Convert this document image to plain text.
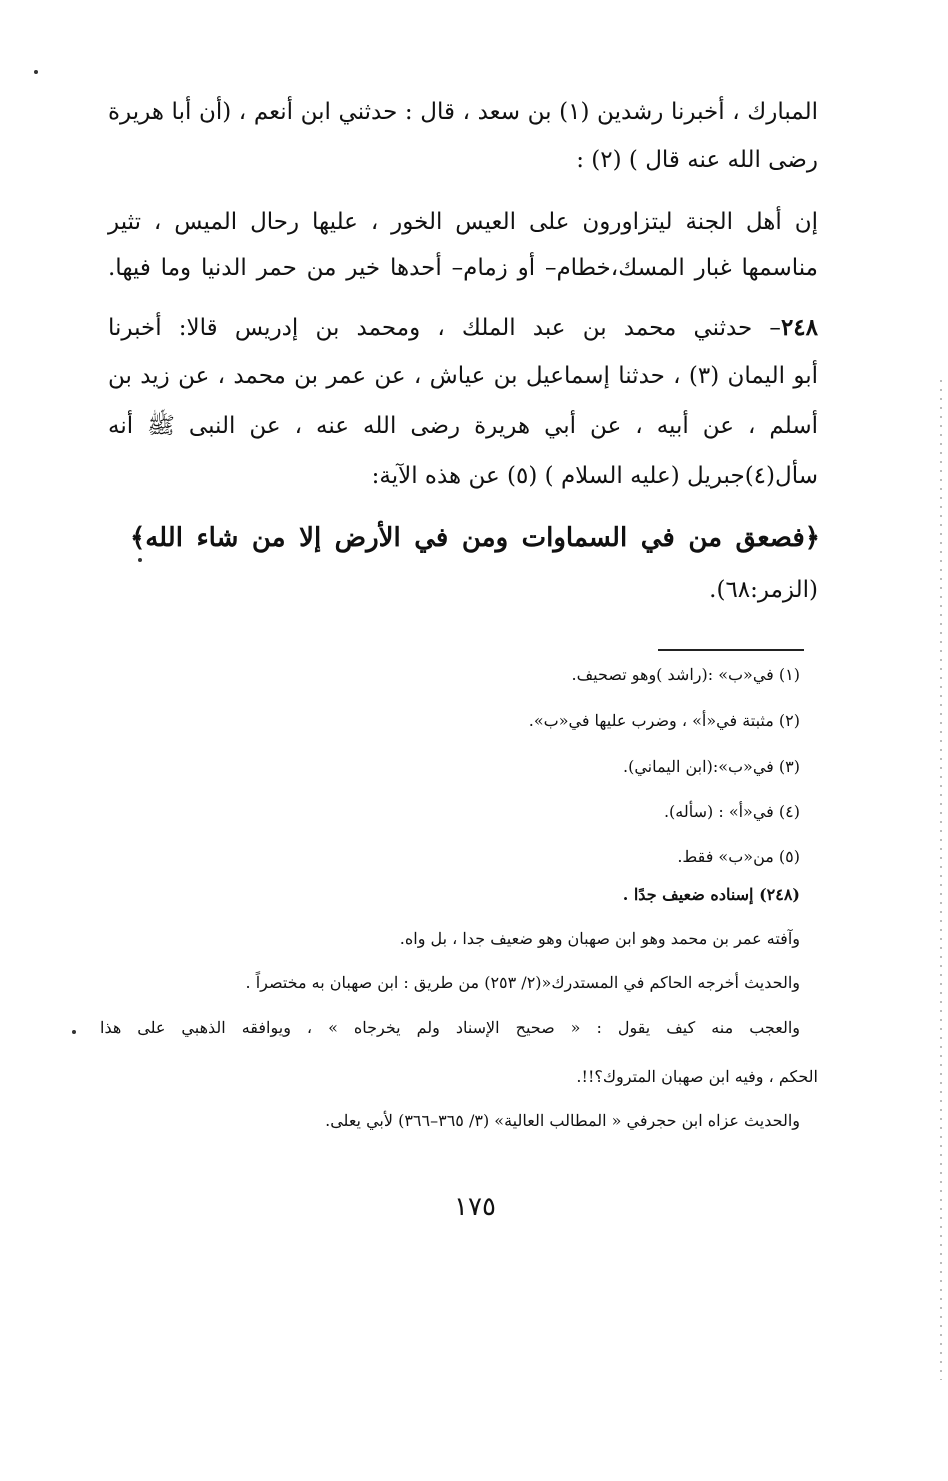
المبارك ، أخبرنا رشدين (١) بن سعد ، قال : حدثني ابن أنعم ، (أن أبا هريرة
رضى الله عنه قال ) (٢) :
إن أهل الجنة ليتزاورون على العيس الخور ، عليها رحال الميس ، تثير
مناسمها غبار المسك،خطام– أو زمام– أحدها خير من حمر الدنيا وما فيها.
٢٤٨– حدثني محمد بن عبد الملك ، ومحمد بن إدريس قالا: أخبرنا
أبو اليمان (٣) ، حدثنا إسماعيل بن عياش ، عن عمر بن محمد ، عن زيد بن
أسلم ، عن أبيه ، عن أبي هريرة رضى الله عنه ، عن النبى ﷺ أنه
سأل(٤)جبريل (عليه السلام ) (٥) عن هذه الآية:
﴿فصعق من في السماوات ومن في الأرض إلا من شاء الله﴾
(الزمر:٦٨).
(١) في«ب» :(راشد )وهو تصحيف.
(٢) مثبتة في«أ» ، وضرب عليها في«ب».
(٣) في«ب»:(ابن اليماني).
(٤) في«أ» : (سأله).
(٥) من«ب» فقط.
(٢٤٨) إسناده ضعيف جدًا .
وآفته عمر بن محمد وهو ابن صهبان وهو ضعيف جدا ، بل واه.
والحديث أخرجه الحاكم في المستدرك«(٢/ ٢٥٣) من طريق : ابن صهبان به مختصراً .
والعجب منه كيف يقول : « صحيح الإسناد ولم يخرجاه » ، ويوافقه الذهبي على هذا
الحكم ، وفيه ابن صهبان المتروك؟!!.
والحديث عزاه ابن حجرفي « المطالب العالية» (٣/ ٣٦٥–٣٦٦) لأبي يعلى.
١٧٥
